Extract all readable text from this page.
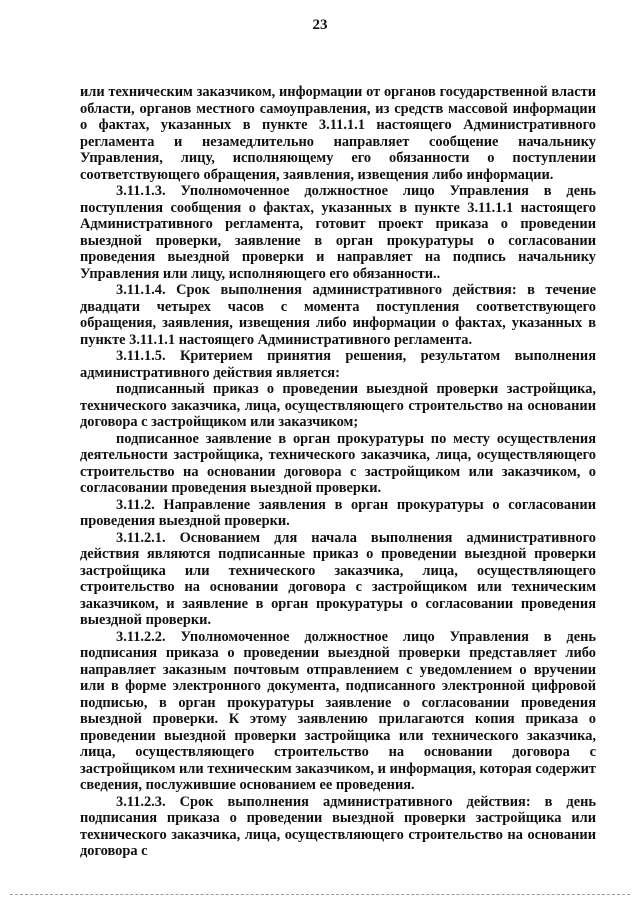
23

или техническим заказчиком, информации от органов государственной власти области, органов местного самоуправления, из средств массовой информации о фактах, указанных в пункте 3.11.1.1 настоящего Административного регламента и незамедлительно направляет сообщение начальнику Управления, лицу, исполняющему его обязанности о поступлении соответствующего обращения, заявления, извещения либо информации.

3.11.1.3. Уполномоченное должностное лицо Управления в день поступления сообщения о фактах, указанных в пункте 3.11.1.1 настоящего Административного регламента, готовит проект приказа о проведении выездной проверки, заявление в орган прокуратуры о согласовании проведения выездной проверки и направляет на подпись начальнику Управления или лицу, исполняющего его обязанности..

3.11.1.4. Срок выполнения административного действия: в течение двадцати четырех часов с момента поступления соответствующего обращения, заявления, извещения либо информации о фактах, указанных в пункте 3.11.1.1 настоящего Административного регламента.

3.11.1.5. Критерием принятия решения, результатом выполнения административного действия является:

подписанный приказ о проведении выездной проверки застройщика, технического заказчика, лица, осуществляющего строительство на основании договора с застройщиком или заказчиком;

подписанное заявление в орган прокуратуры по месту осуществления деятельности застройщика, технического заказчика, лица, осуществляющего строительство на основании договора с застройщиком или заказчиком, о согласовании проведения выездной проверки.

3.11.2. Направление заявления в орган прокуратуры о согласовании проведения выездной проверки.

3.11.2.1. Основанием для начала выполнения административного действия являются подписанные приказ о проведении выездной проверки застройщика или технического заказчика, лица, осуществляющего строительство на основании договора с застройщиком или техническим заказчиком, и заявление в орган прокуратуры о согласовании проведения выездной проверки.

3.11.2.2. Уполномоченное должностное лицо Управления в день подписания приказа о проведении выездной проверки представляет либо направляет заказным почтовым отправлением с уведомлением о вручении или в форме электронного документа, подписанного электронной цифровой подписью, в орган прокуратуры заявление о согласовании проведения выездной проверки. К этому заявлению прилагаются копия приказа о проведении выездной проверки застройщика или технического заказчика, лица, осуществляющего строительство на основании договора с застройщиком или техническим заказчиком, и информация, которая содержит сведения, послужившие основанием ее проведения.

3.11.2.3. Срок выполнения административного действия: в день подписания приказа о проведении выездной проверки застройщика или технического заказчика, лица, осуществляющего строительство на основании договора с
